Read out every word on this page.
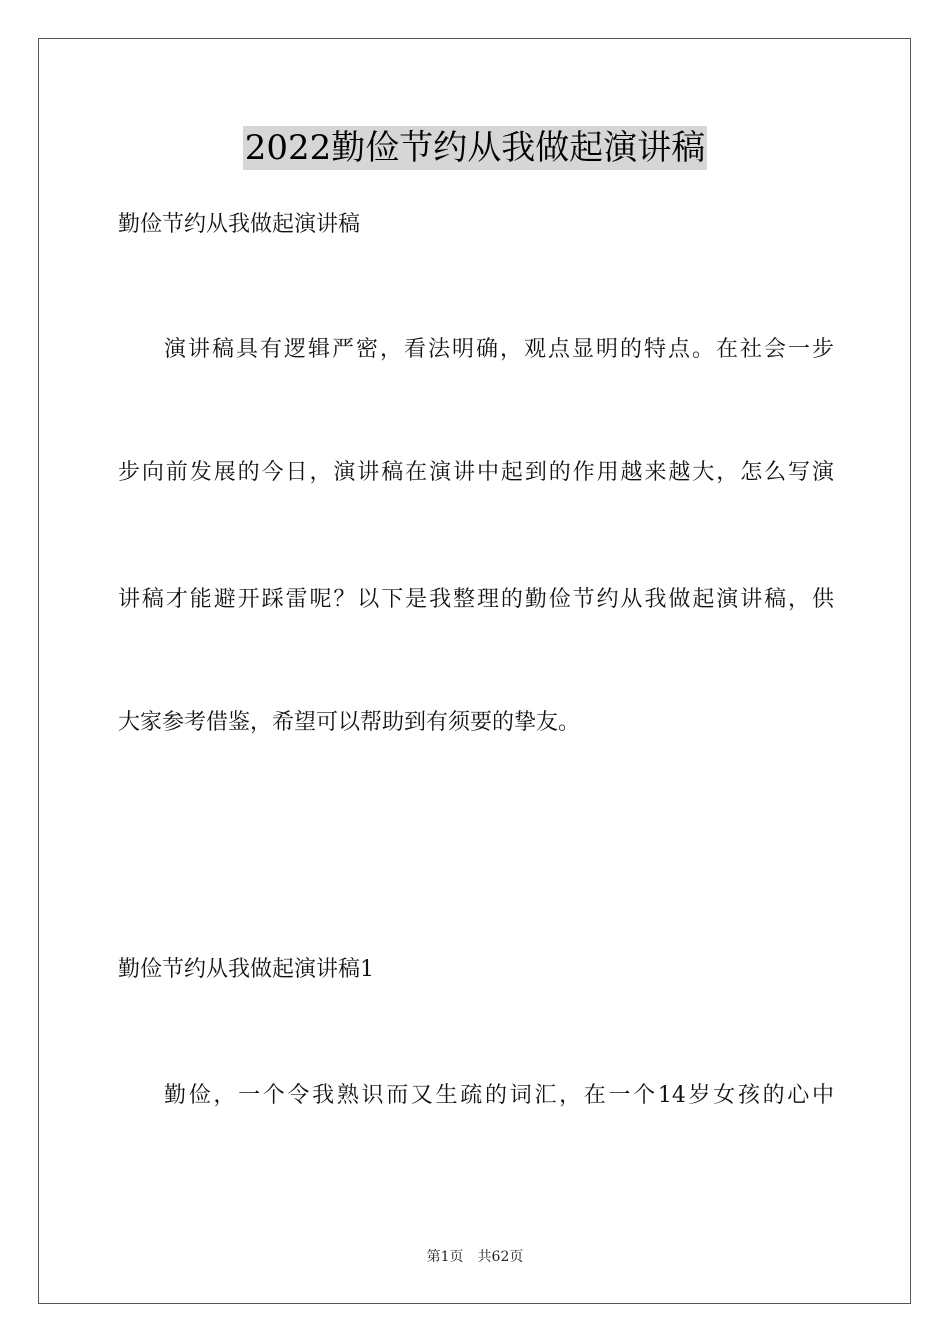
2022勤俭节约从我做起演讲稿

勤俭节约从我做起演讲稿

演讲稿具有逻辑严密，看法明确，观点显明的特点。在社会一步

步向前发展的今日，演讲稿在演讲中起到的作用越来越大，怎么写演

讲稿才能避开踩雷呢？以下是我整理的勤俭节约从我做起演讲稿，供

大家参考借鉴，希望可以帮助到有须要的挚友。

勤俭节约从我做起演讲稿1

勤俭，一个令我熟识而又生疏的词汇，在一个14岁女孩的心中

第1页 共62页
